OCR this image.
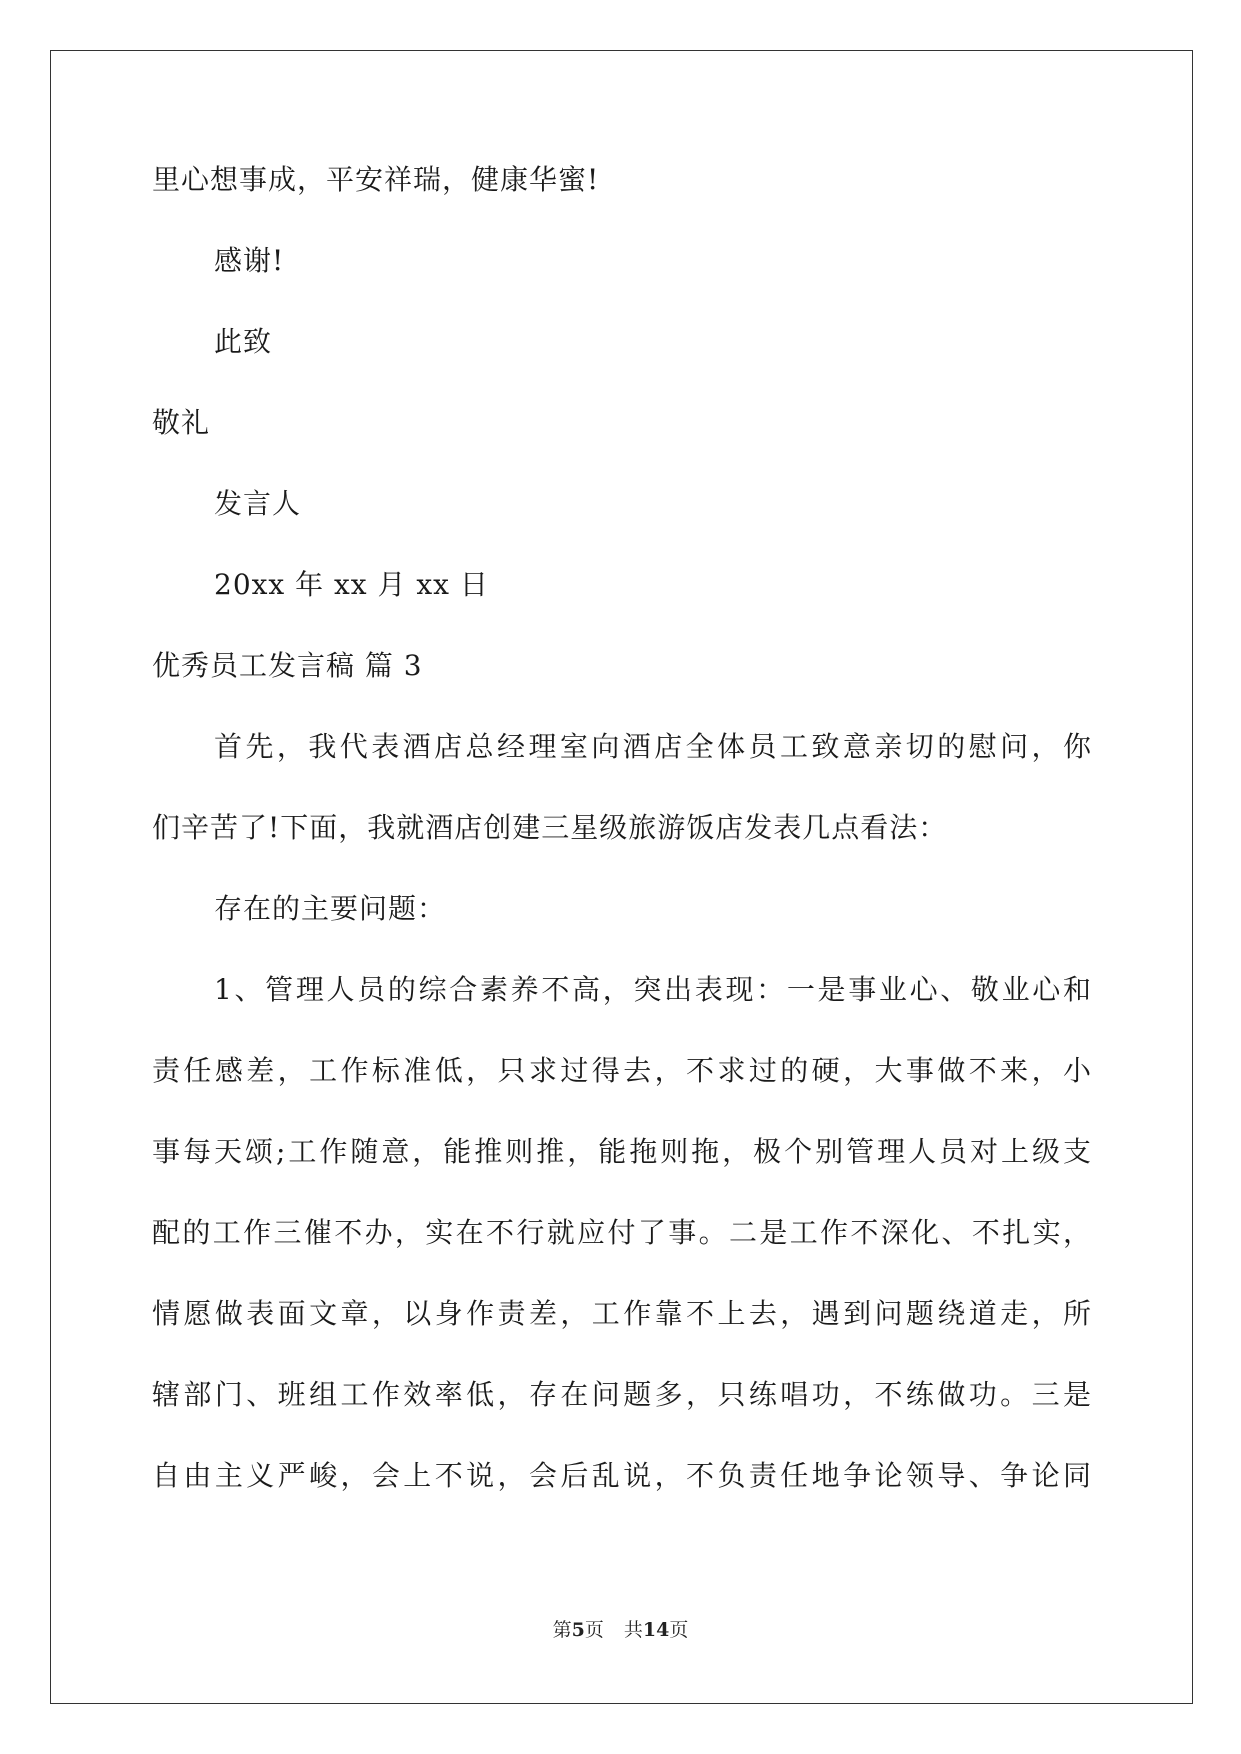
里心想事成，平安祥瑞，健康华蜜!
感谢!
此致
敬礼
发言人
20xx 年 xx 月 xx 日
优秀员工发言稿 篇 3
首先，我代表酒店总经理室向酒店全体员工致意亲切的慰问，你
们辛苦了!下面，我就酒店创建三星级旅游饭店发表几点看法：
存在的主要问题：
1、管理人员的综合素养不高，突出表现：一是事业心、敬业心和
责任感差，工作标准低，只求过得去，不求过的硬，大事做不来，小
事每天颂;工作随意，能推则推，能拖则拖，极个别管理人员对上级支
配的工作三催不办，实在不行就应付了事。二是工作不深化、不扎实，
情愿做表面文章，以身作责差，工作靠不上去，遇到问题绕道走，所
辖部门、班组工作效率低，存在问题多，只练唱功，不练做功。三是
自由主义严峻，会上不说，会后乱说，不负责任地争论领导、争论同
第5页 共14页
